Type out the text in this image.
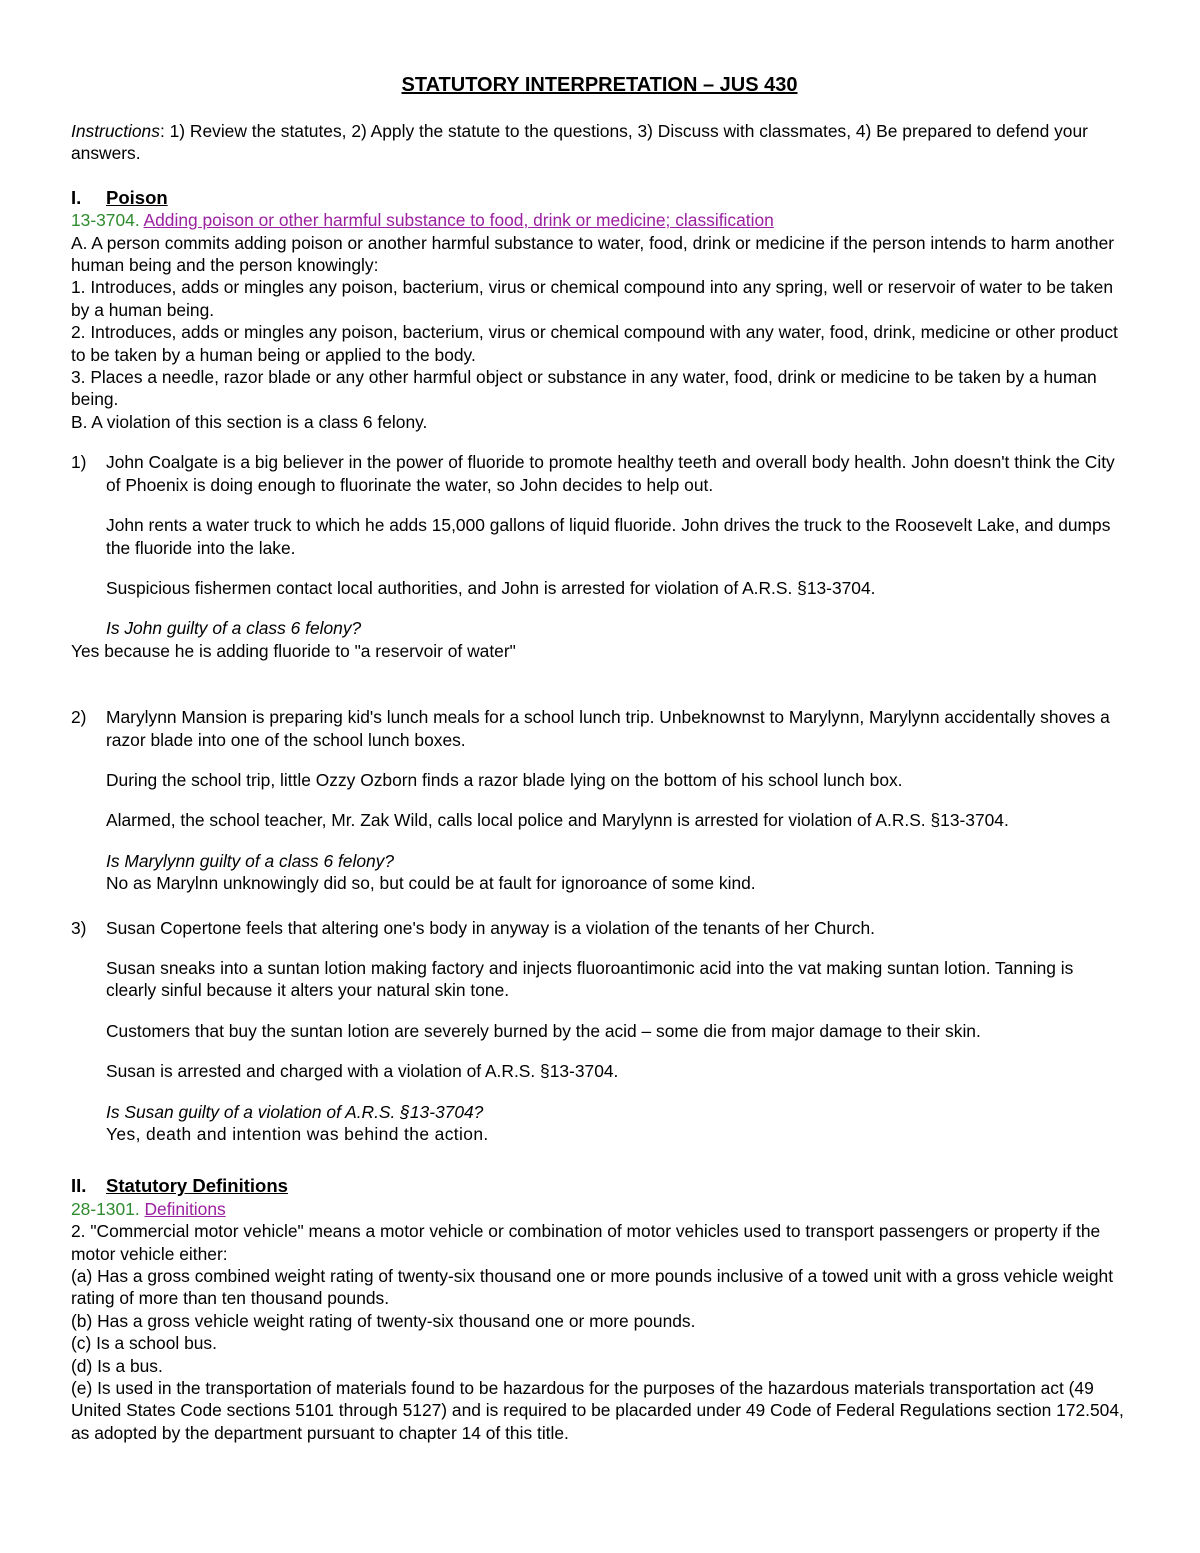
STATUTORY INTERPRETATION – JUS 430

Instructions: 1) Review the statutes, 2) Apply the statute to the questions, 3) Discuss with classmates, 4) Be prepared to defend your answers.

I. Poison

13-3704. Adding poison or other harmful substance to food, drink or medicine; classification

A. A person commits adding poison or another harmful substance to water, food, drink or medicine if the person intends to harm another human being and the person knowingly:

1. Introduces, adds or mingles any poison, bacterium, virus or chemical compound into any spring, well or reservoir of water to be taken by a human being.

2. Introduces, adds or mingles any poison, bacterium, virus or chemical compound with any water, food, drink, medicine or other product to be taken by a human being or applied to the body.

3. Places a needle, razor blade or any other harmful object or substance in any water, food, drink or medicine to be taken by a human being.

B. A violation of this section is a class 6 felony.

1) John Coalgate is a big believer in the power of fluoride to promote healthy teeth and overall body health. John doesn't think the City of Phoenix is doing enough to fluorinate the water, so John decides to help out.

John rents a water truck to which he adds 15,000 gallons of liquid fluoride. John drives the truck to the Roosevelt Lake, and dumps the fluoride into the lake.

Suspicious fishermen contact local authorities, and John is arrested for violation of A.R.S. §13-3704.

Is John guilty of a class 6 felony?

Yes because he is adding fluoride to "a reservoir of water"

2) Marylynn Mansion is preparing kid's lunch meals for a school lunch trip. Unbeknownst to Marylynn, Marylynn accidentally shoves a razor blade into one of the school lunch boxes.

During the school trip, little Ozzy Ozborn finds a razor blade lying on the bottom of his school lunch box.

Alarmed, the school teacher, Mr. Zak Wild, calls local police and Marylynn is arrested for violation of A.R.S. §13-3704.

Is Marylynn guilty of a class 6 felony?

No as Marylnn unknowingly did so, but could be at fault for ignoroance of some kind.

3) Susan Copertone feels that altering one's body in anyway is a violation of the tenants of her Church.

Susan sneaks into a suntan lotion making factory and injects fluoroantimonic acid into the vat making suntan lotion. Tanning is clearly sinful because it alters your natural skin tone.

Customers that buy the suntan lotion are severely burned by the acid – some die from major damage to their skin.

Susan is arrested and charged with a violation of A.R.S. §13-3704.

Is Susan guilty of a violation of A.R.S. §13-3704?

Yes, death and intention was behind the action.

II. Statutory Definitions

28-1301. Definitions

2. "Commercial motor vehicle" means a motor vehicle or combination of motor vehicles used to transport passengers or property if the motor vehicle either:

(a) Has a gross combined weight rating of twenty-six thousand one or more pounds inclusive of a towed unit with a gross vehicle weight rating of more than ten thousand pounds.

(b) Has a gross vehicle weight rating of twenty-six thousand one or more pounds.

(c) Is a school bus.

(d) Is a bus.

(e) Is used in the transportation of materials found to be hazardous for the purposes of the hazardous materials transportation act (49 United States Code sections 5101 through 5127) and is required to be placarded under 49 Code of Federal Regulations section 172.504, as adopted by the department pursuant to chapter 14 of this title.
